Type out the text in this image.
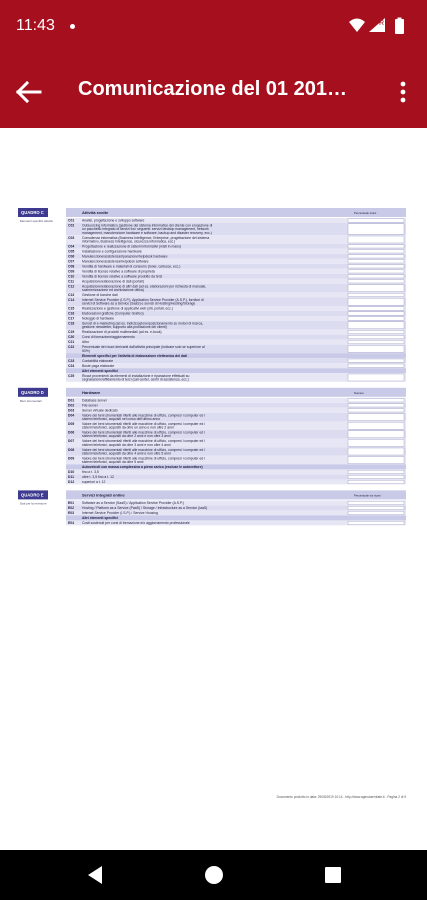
11:43	R
Comunicazione del 01 201…
QUADRO C	Attività svolte
Elementi specifici attività
Percentuale ricavi
C01 Analisi, progettazione e sviluppo software
C02 Outsourcing informatico (gestione del sistema informatico del cliente con erogazione di un pacchetto integrato di servizi tra i seguenti: servizi desktop management, network management, manutenzione hardware e software, backup and disaster recovery, ecc.)
C03 Consulenza informatica (Business Intelligence, Enterprise, progettazione del sistema informativo, Business Intelligence, sicurezza informatica, ecc.)
C04 Progettazione e realizzazione di sistemi informativi (misti in mano)
C05 Installazione e configurazione hardware
C06 Manutenzione/assistenza/riparazione/helpdesk hardware
C07 Manutenzione/assistenza/helpdesk software
C08 Vendita di hardware e materiali di consumo (toner, cartucce, ecc.)
C09 Vendita di licenze relative a software di proprietà
C10 Vendita di licenze relative a software prodotto da terzi
C11 Acquisizione/elaborazione di dati (portali)
C12 Acquisizione/elaborazione di altri dati (ad es. elaborazioni per richiesta di manuale, scannerizzazione ed archiviazione ottica)
C13 Gestione di banche dati
C14 Internet Service Provider (I.S.P.), Application Service Provider (A.S.P.), fornitori di servizi di Software as a Service (SaaS) e servizi di Hosting/Hosting/Storage
C15 Realizzazione e gestione di applicativi web (siti, portali, ecc.)
C16 Elaborazioni grafiche (Computer Grafico)
C17 Noleggio di hardware
C18 Servizi di e-marketing (ad es. indicizzazione/posizionamento su motori di ricerca, gestione newsletter, supporto alla profilazione dei clienti)
C19 Realizzazione di prodotti multimediali (ad es. e-book)
C20 Corsi di formazione/aggiornamento
C21 Altro
C22 Percentuale dei ricavi derivanti dall'attività principale (indicare solo se superiore al 50%)
Elementi specifici per l'attività di elaborazione elettronica dei dati
C23 Contabilità elaborate
C24 Buste paga elaborate
Altri elementi specifici
C25 Ricavi provenienti da elementi di installazione e riparazione effettuati su segnalazione/affidamento di terzi (call center, centri di assistenza, ecc.)
QUADRO D	Hardware
Beni strumentali
Numero
D01 Database server
D02 File server
D03 Server virtuale dedicato
D04 Valore dei beni strumentali riferiti alle macchine di ufficio, compresi i computer ed i sistemi telefonici, acquisiti nel corso dell'ultimo anno
D05 Valore dei beni strumentali riferiti alle macchine di ufficio, compresi i computer ed i sistemi telefonici, acquisiti da oltre un anno e non oltre 2 anni
D06 Valore dei beni strumentali riferiti alle macchine di ufficio, compresi i computer ed i sistemi telefonici, acquisiti da oltre 2 anni e non oltre 3 anni
D07 Valore dei beni strumentali riferiti alle macchine di ufficio, compresi i computer ed i sistemi telefonici, acquisiti da oltre 3 anni e non oltre 4 anni
D08 Valore dei beni strumentali riferiti alle macchine di ufficio, compresi i computer ed i sistemi telefonici, acquisiti da oltre 4 anni e non oltre 5 anni
D09 Valore dei beni strumentali riferiti alle macchine di ufficio, compresi i computer ed i sistemi telefonici, acquisiti da oltre 5 anni
Autoveicoli con massa complessiva a pieno carico (escluse le autovetture)
D10 fino a t. 3,5
D11 oltre t. 3,5 fino a t. 12
D12 superiori a t. 12
QUADRO E	Servizi integrati online
Dati per la revisione
Percentuale sui ricavi
E01 Software as a Service (SaaS) / Application Service Provider (A.S.P.)
E02 Hosting / Platform as a Service (PaaS) / Storage / Infrastructure as a Service (IaaS)
E03 Internet Service Provider (I.S.P.) / Service Housing
Altri elementi specifici
E04 Costi sostenuti per corsi di formazione e/o aggiornamento professionale
Documento prodotto in data: 29/08/2019 10:14 - http://www.agenziaentrate.it - Pagina 2 di 9
